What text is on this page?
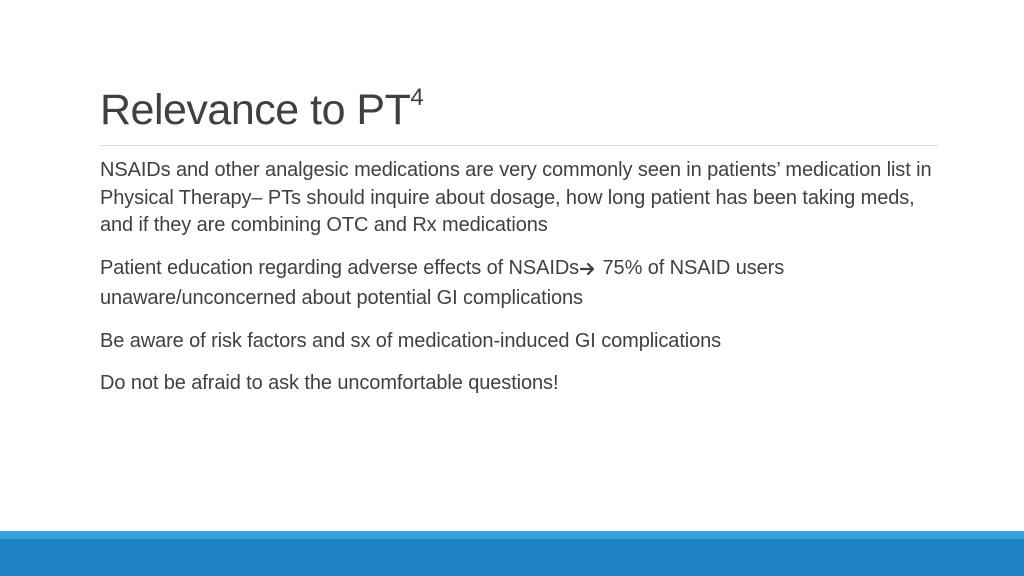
Relevance to $PT^4$
NSAIDs and other analgesic medications are very commonly seen in patients’ medication list in Physical Therapy– PTs should inquire about dosage, how long patient has been taking meds, and if they are combining OTC and Rx medications
Patient education regarding adverse effects of NSAIDs 75% of NSAID users unaware/unconcerned about potential GI complications
Be aware of risk factors and sx of medication-induced GI complications
Do not be afraid to ask the uncomfortable questions!
